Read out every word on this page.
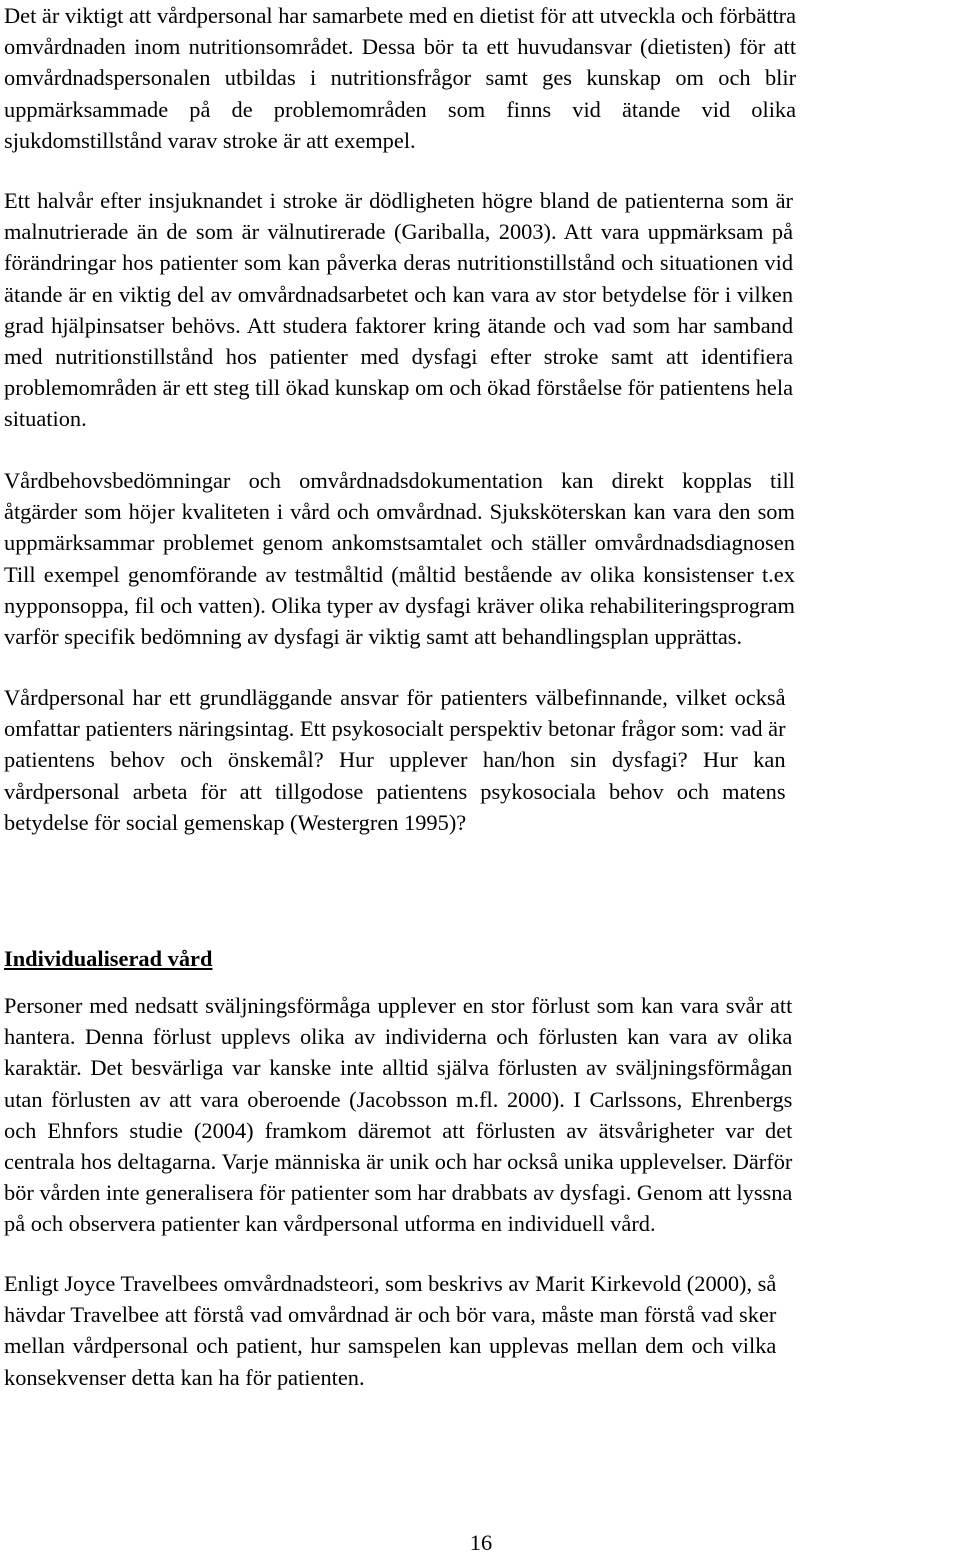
Det är viktigt att vårdpersonal har samarbete med en dietist för att utveckla och förbättra
omvårdnaden inom nutritionsområdet. Dessa bör ta ett huvudansvar (dietisten) för att
omvårdnadspersonalen utbildas i nutritionsfrågor samt ges kunskap om och blir
uppmärksammade på de problemområden som finns vid ätande vid olika
sjukdomstillstånd varav stroke är att exempel.

Ett halvår efter insjuknandet i stroke är dödligheten högre bland de patienterna som är
malnutrierade än de som är välnutirerade (Gariballa, 2003). Att vara uppmärksam på
förändringar hos patienter som kan påverka deras nutritionstillstånd och situationen vid
ätande är en viktig del av omvårdnadsarbetet och kan vara av stor betydelse för i vilken
grad hjälpinsatser behövs. Att studera faktorer kring ätande och vad som har samband
med nutritionstillstånd hos patienter med dysfagi efter stroke samt att identifiera
problemområden är ett steg till ökad kunskap om och ökad förståelse för patientens hela
situation.

Vårdbehovsbedömningar och omvårdnadsdokumentation kan direkt kopplas till
åtgärder som höjer kvaliteten i vård och omvårdnad. Sjuksköterskan kan vara den som
uppmärksammar problemet genom ankomstsamtalet och ställer omvårdnadsdiagnosen
Till exempel genomförande av testmåltid (måltid bestående av olika konsistenser t.ex
nypponsoppa, fil och vatten). Olika typer av dysfagi kräver olika rehabiliteringsprogram
varför specifik bedömning av dysfagi är viktig samt att behandlingsplan upprättas.

Vårdpersonal har ett grundläggande ansvar för patienters välbefinnande, vilket också
omfattar patienters näringsintag. Ett psykosocialt perspektiv betonar frågor som: vad är
patientens behov och önskemål? Hur upplever han/hon sin dysfagi? Hur kan
vårdpersonal arbeta för att tillgodose patientens psykosociala behov och matens
betydelse för social gemenskap (Westergren 1995)?

Individualiserad vård

Personer med nedsatt sväljningsförmåga upplever en stor förlust som kan vara svår att
hantera. Denna förlust upplevs olika av individerna och förlusten kan vara av olika
karaktär. Det besvärliga var kanske inte alltid själva förlusten av sväljningsförmågan
utan förlusten av att vara oberoende (Jacobsson m.fl. 2000). I Carlssons, Ehrenbergs
och Ehnfors studie (2004) framkom däremot att förlusten av ätsvårigheter var det
centrala hos deltagarna. Varje människa är unik och har också unika upplevelser. Därför
bör vården inte generalisera för patienter som har drabbats av dysfagi. Genom att lyssna
på och observera patienter kan vårdpersonal utforma en individuell vård.

Enligt Joyce Travelbees omvårdnadsteori, som beskrivs av Marit Kirkevold (2000), så
hävdar Travelbee att förstå vad omvårdnad är och bör vara, måste man förstå vad sker
mellan vårdpersonal och patient, hur samspelen kan upplevas mellan dem och vilka
konsekvenser detta kan ha för patienten.

16
